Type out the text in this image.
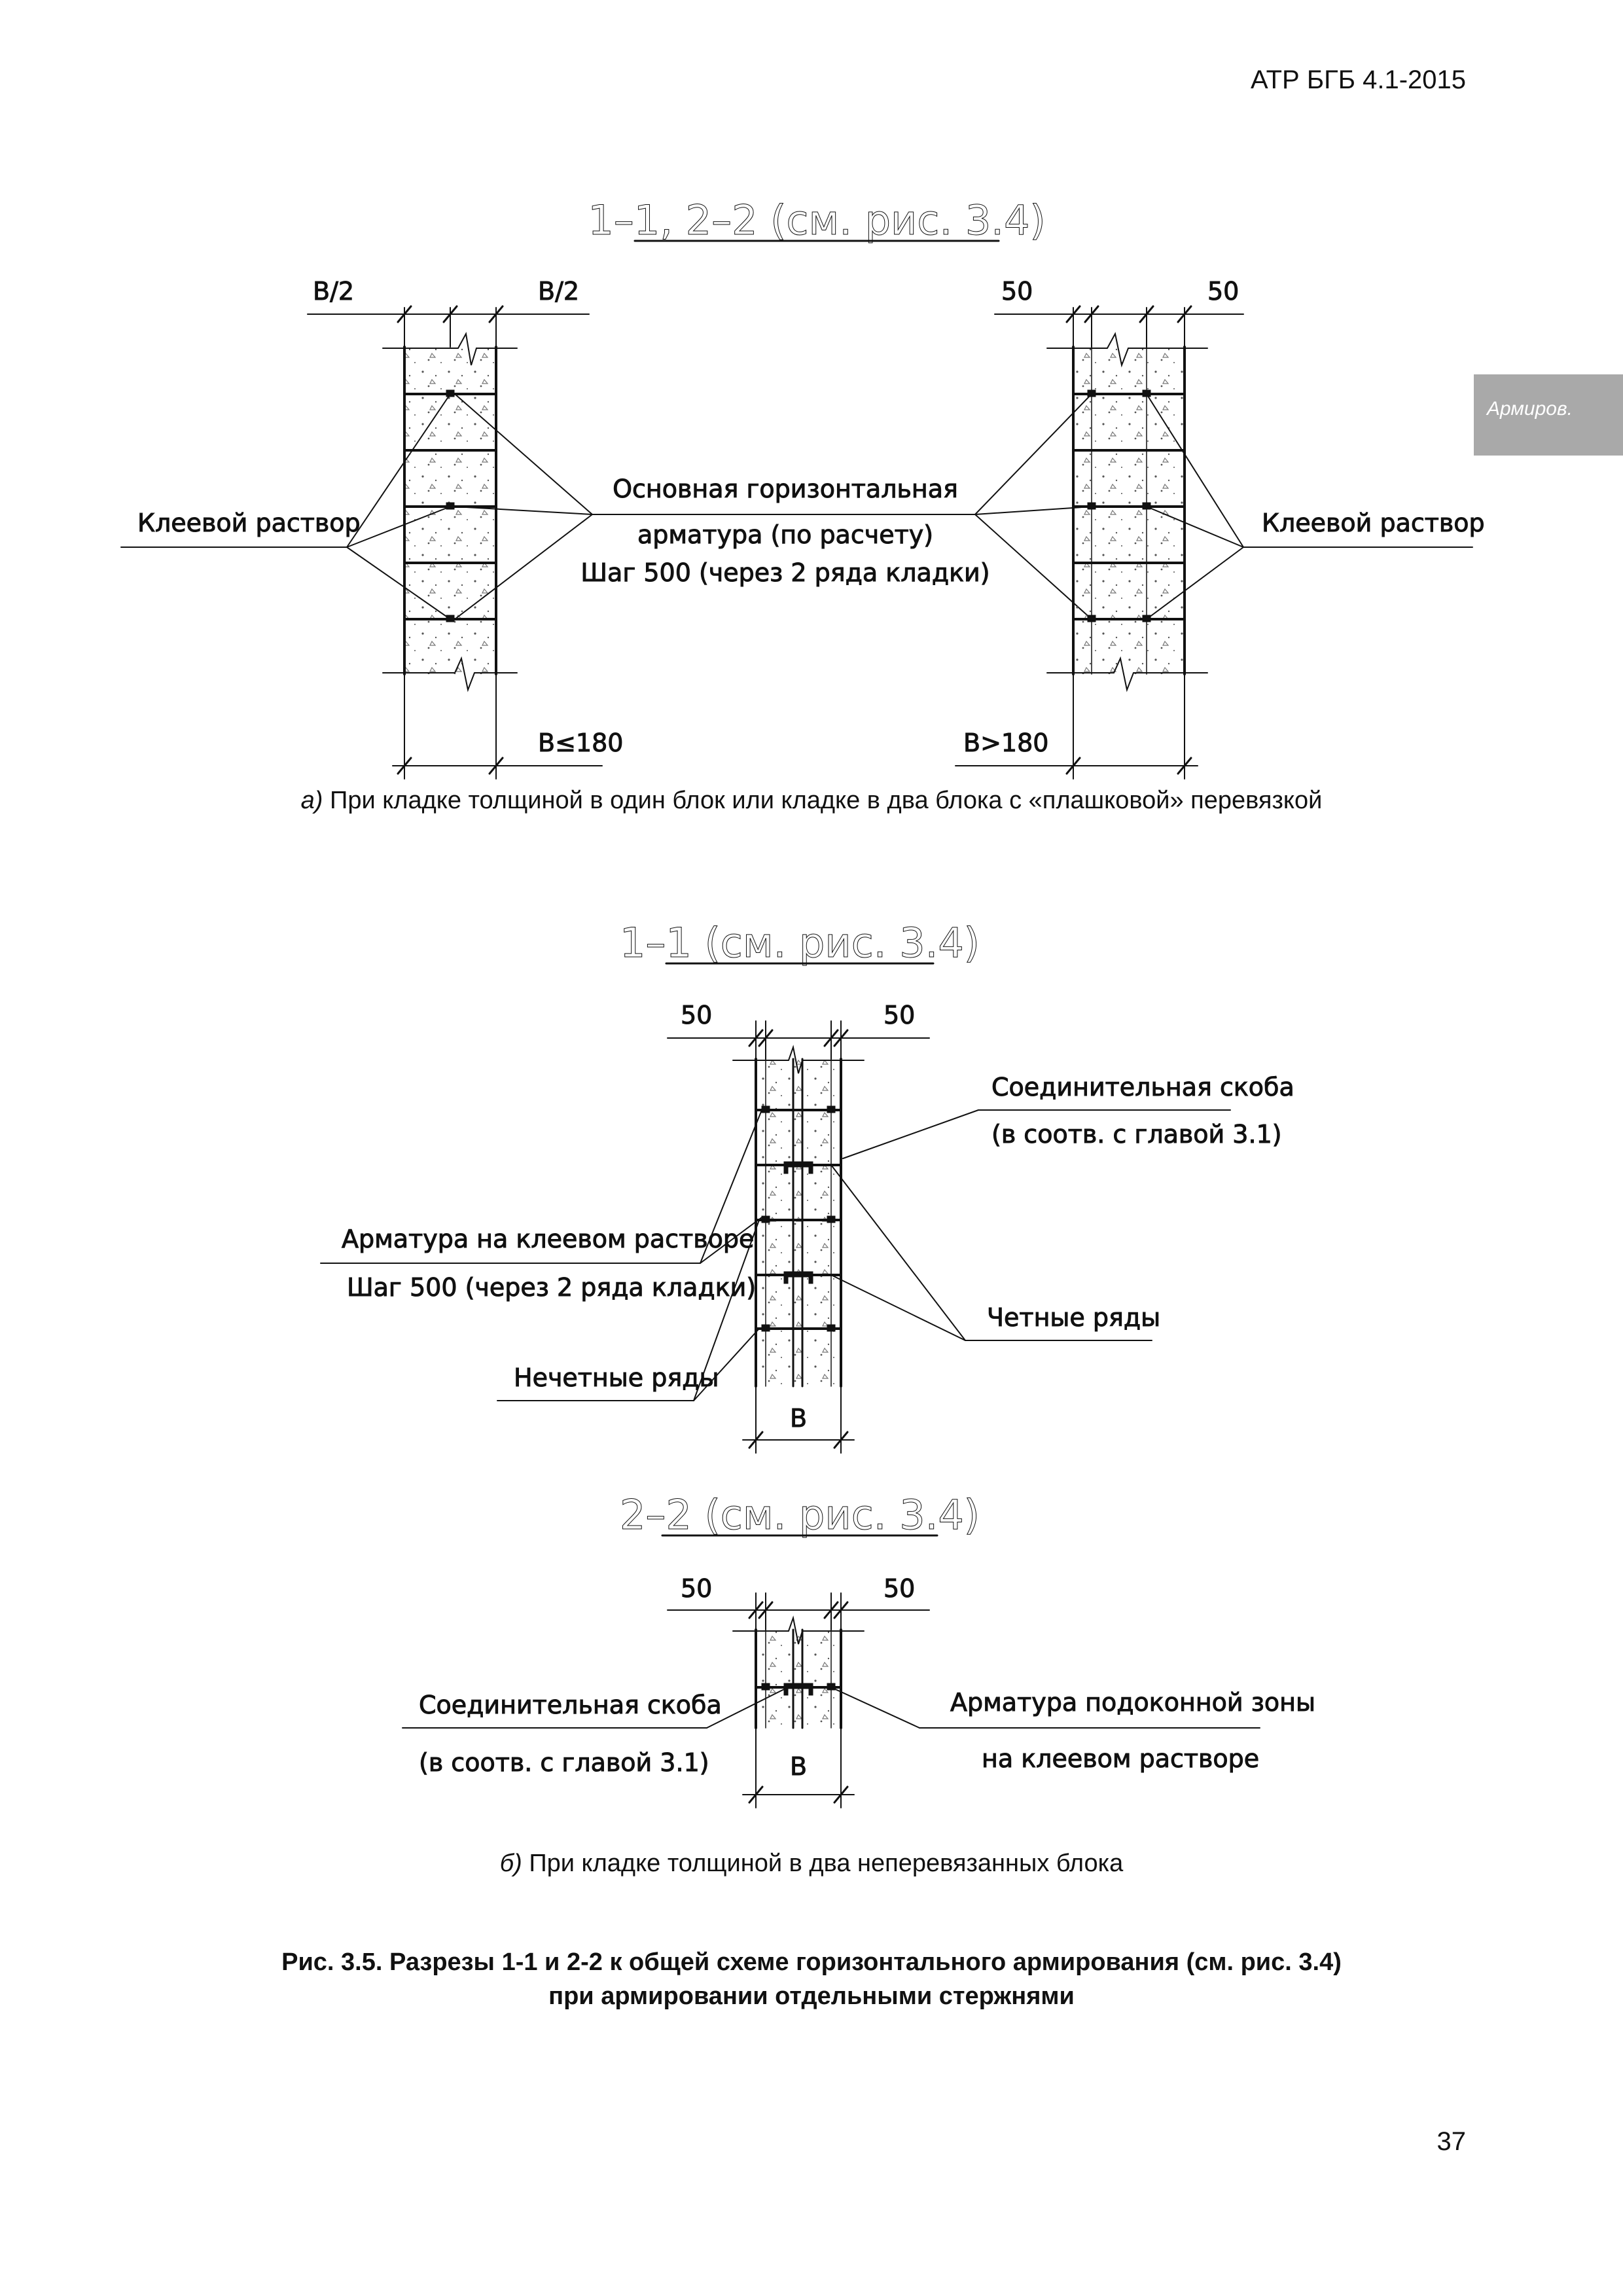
АТР БГБ 4.1-2015
Армиров.
1–1, 2–2 (см. рис. 3.4)
B/2	B/2
B≤180
Клеевой раствор
Основная горизонтальная
арматура (по расчету)
Шаг 500 (через 2 ряда кладки)
50	50
B>180
Клеевой раствор
1–1 (см. рис. 3.4)
50	50
B
Соединительная скоба
(в соотв. с главой 3.1)
Арматура на клеевом растворе
Шаг 500 (через 2 ряда кладки)
Четные ряды
Нечетные ряды
2–2 (см. рис. 3.4)
50	50
B
Соединительная скоба
(в соотв. с главой 3.1)
Арматура подоконной зоны
на клеевом растворе
а) При кладке толщиной в один блок или кладке в два блока с «плашковой» перевязкой
б) При кладке толщиной в два неперевязанных блока
Рис. 3.5. Разрезы 1-1 и 2-2 к общей схеме горизонтального армирования (см. рис. 3.4)
при армировании отдельными стержнями
37
